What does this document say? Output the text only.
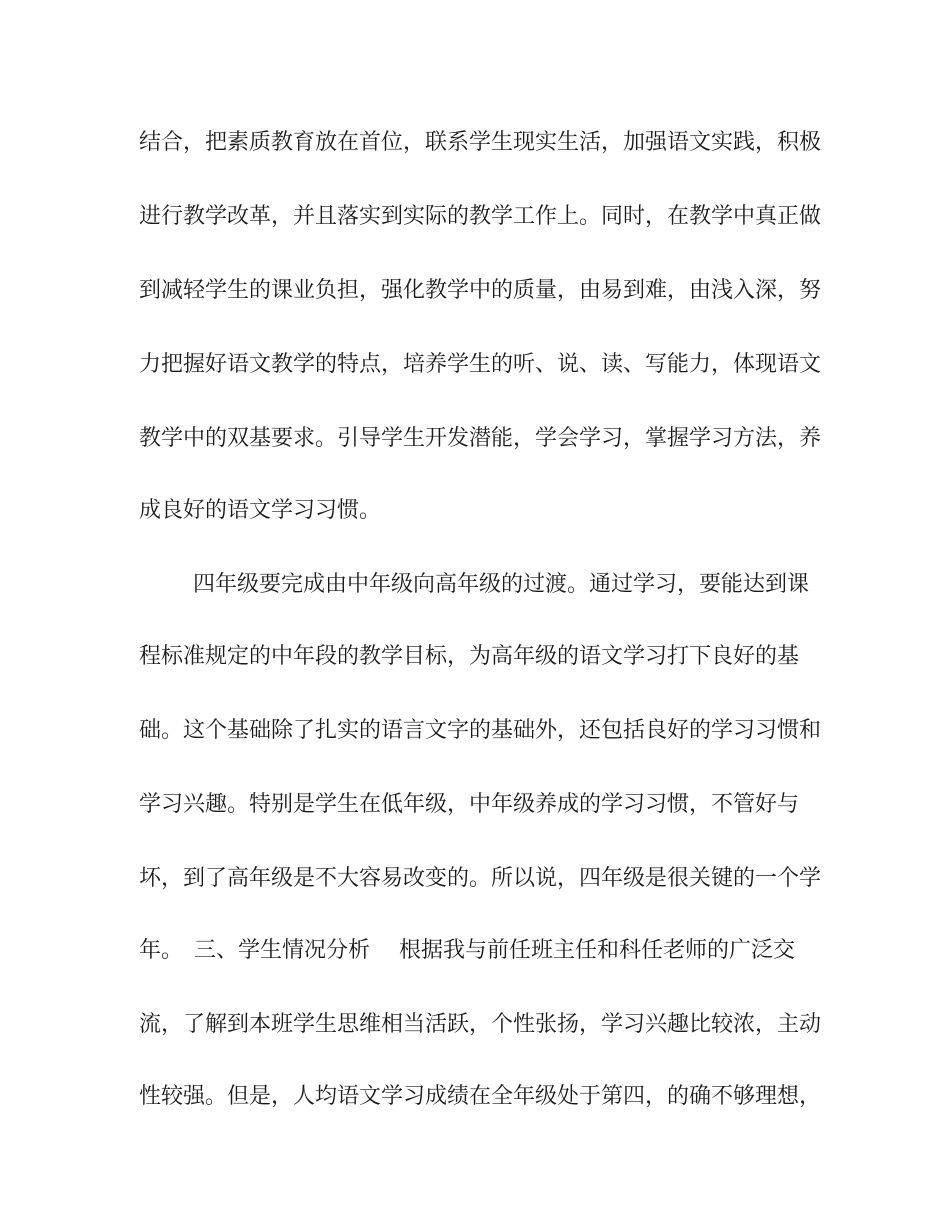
结合，把素质教育放在首位，联系学生现实生活，加强语文实践，积极
进行教学改革，并且落实到实际的教学工作上。同时，在教学中真正做
到减轻学生的课业负担，强化教学中的质量，由易到难，由浅入深，努
力把握好语文教学的特点，培养学生的听、说、读、写能力，体现语文
教学中的双基要求。引导学生开发潜能，学会学习，掌握学习方法，养
成良好的语文学习习惯。
四年级要完成由中年级向高年级的过渡。通过学习，要能达到课
程标准规定的中年段的教学目标，为高年级的语文学习打下良好的基
础。这个基础除了扎实的语言文字的基础外，还包括良好的学习习惯和
学习兴趣。特别是学生在低年级，中年级养成的学习习惯，不管好与
坏，到了高年级是不大容易改变的。所以说，四年级是很关键的一个学
年。　三、学生情况分析　 根据我与前任班主任和科任老师的广泛交
流，了解到本班学生思维相当活跃，个性张扬，学习兴趣比较浓，主动
性较强。但是，人均语文学习成绩在全年级处于第四，的确不够理想，
